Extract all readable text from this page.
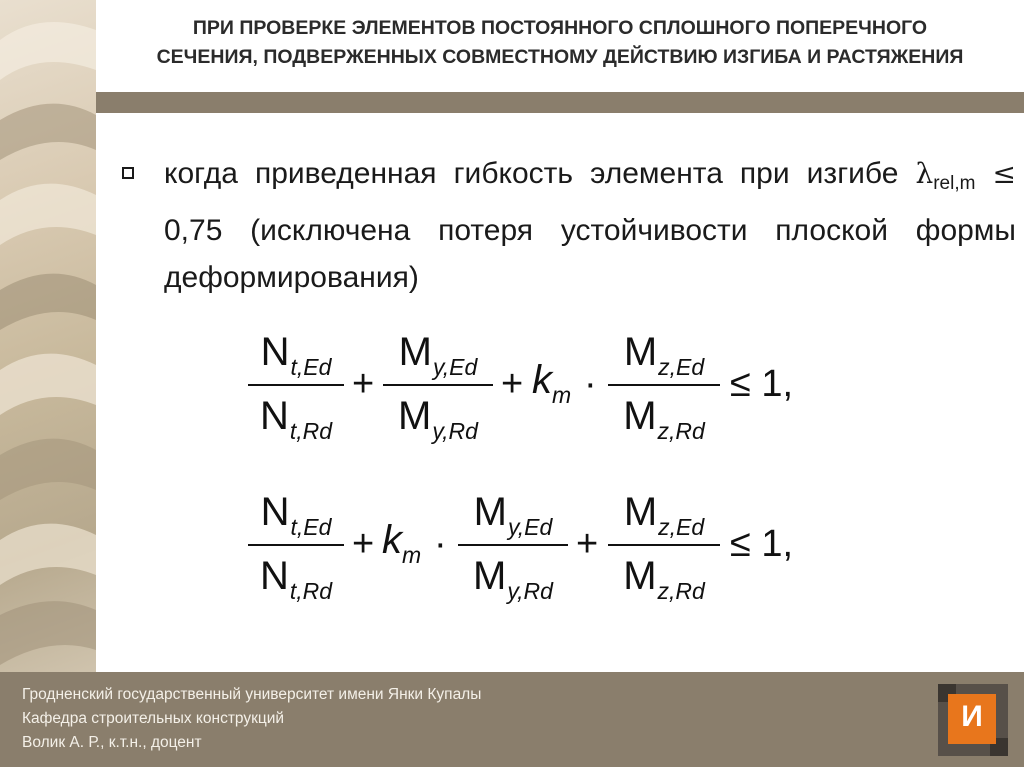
ПРИ ПРОВЕРКЕ ЭЛЕМЕНТОВ ПОСТОЯННОГО СПЛОШНОГО ПОПЕРЕЧНОГО
СЕЧЕНИЯ, ПОДВЕРЖЕННЫХ СОВМЕСТНОМУ ДЕЙСТВИЮ ИЗГИБА И РАСТЯЖЕНИЯ
когда приведенная гибкость элемента при изгибе $\lambda_{rel,m} \le 0,75$ (исключена потеря устойчивости плоской формы деформирования)
Nt,Ed
Nt,Rd
+
My,Ed
My,Rd
+ km ·
Mz,Ed
Mz,Rd
≤ 1,
Nt,Ed
Nt,Rd
+ km ·
My,Ed
My,Rd
+
Mz,Ed
Mz,Rd
≤ 1,
Гродненский государственный университет имени Янки Купалы
Кафедра строительных конструкций
Волик А. Р., к.т.н., доцент
И
